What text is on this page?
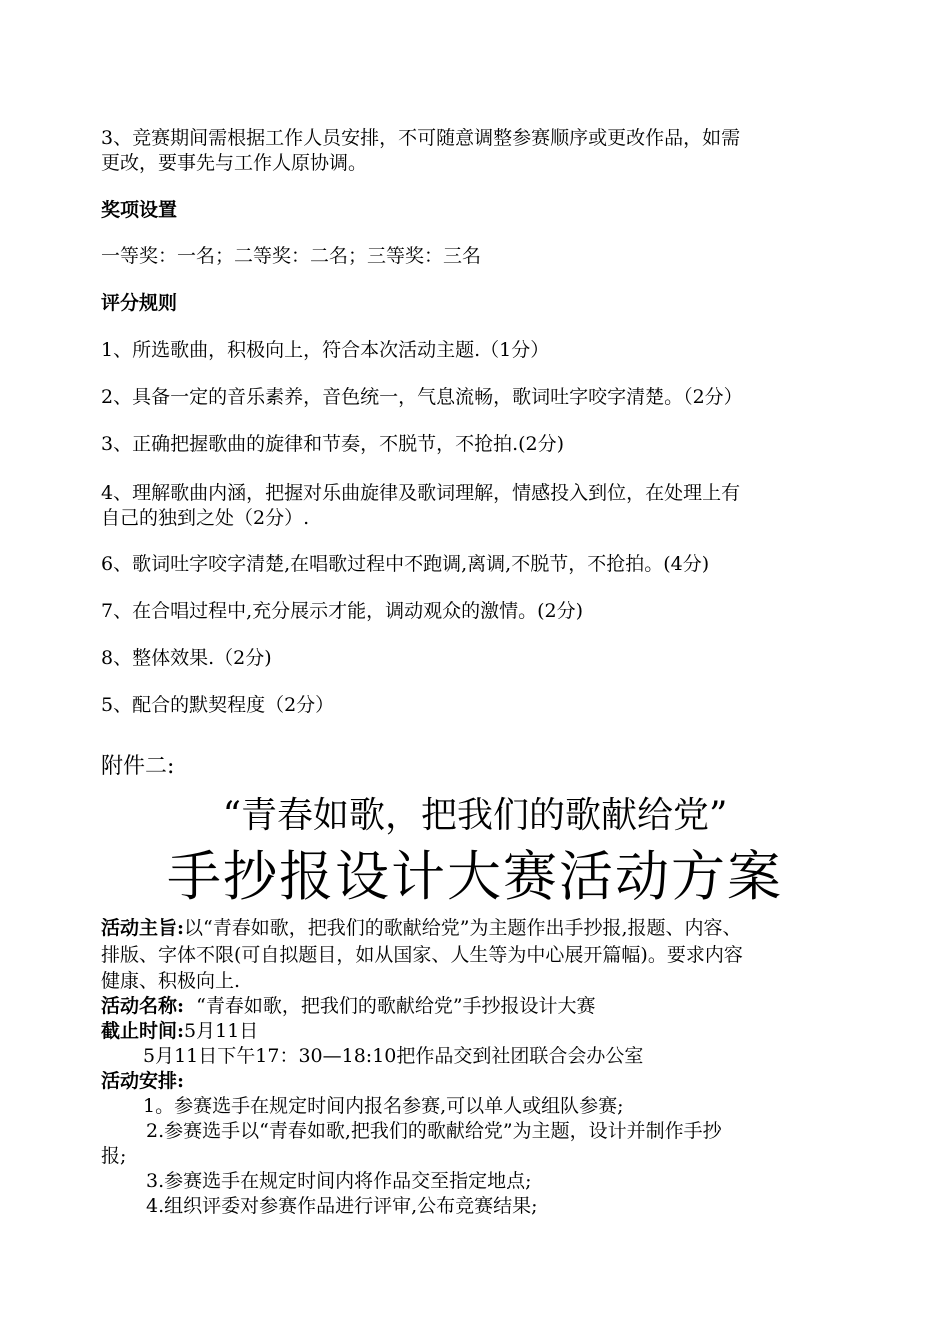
3、竞赛期间需根据工作人员安排，不可随意调整参赛顺序或更改作品，如需
更改，要事先与工作人原协调。
奖项设置
一等奖：一名；二等奖：二名；三等奖：三名
评分规则
1、所选歌曲，积极向上，符合本次活动主题.（1分）
2、具备一定的音乐素养，音色统一，气息流畅，歌词吐字咬字清楚。（2分）
3、正确把握歌曲的旋律和节奏，不脱节，不抢拍.(2分)
4、理解歌曲内涵，把握对乐曲旋律及歌词理解，情感投入到位，在处理上有
自己的独到之处（2分）.
6、歌词吐字咬字清楚,在唱歌过程中不跑调,离调,不脱节，不抢拍。(4分)
7、在合唱过程中,充分展示才能，调动观众的激情。(2分)
8、整体效果.（2分)
5、配合的默契程度（2分）
附件二:
“青春如歌，把我们的歌献给党”
手抄报设计大赛活动方案
活动主旨:以“青春如歌，把我们的歌献给党”为主题作出手抄报,报题、内容、
排版、字体不限(可自拟题目，如从国家、人生等为中心展开篇幅)。要求内容
健康、积极向上.
活动名称: “青春如歌，把我们的歌献给党”手抄报设计大赛
截止时间:5月11日
5月11日下午17：30—18:10把作品交到社团联合会办公室
活动安排:
1。参赛选手在规定时间内报名参赛,可以单人或组队参赛;
2.参赛选手以“青春如歌,把我们的歌献给党”为主题，设计并制作手抄
报;
3.参赛选手在规定时间内将作品交至指定地点;
4.组织评委对参赛作品进行评审,公布竞赛结果;
